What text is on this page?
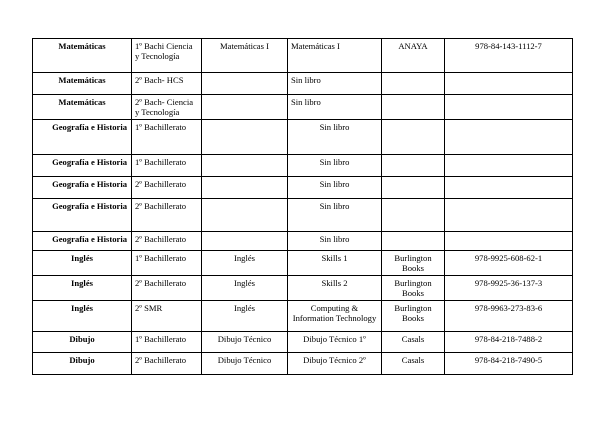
Matemáticas	1º Bachi Ciencia y Tecnología	Matemáticas I	Matemáticas I	ANAYA	978-84-143-1112-7
Matemáticas	2º Bach- HCS		Sin libro		
Matemáticas	2º Bach- Ciencia y Tecnología		Sin libro		
Geografía e Historia	1º Bachillerato		Sin libro		
Geografía e Historia	1º Bachillerato		Sin libro		
Geografía e Historia	2º Bachillerato		Sin libro		
Geografía e Historia	2º Bachillerato		Sin libro		
Geografía e Historia	2º Bachillerato		Sin libro		
Inglés	1º Bachillerato	Inglés	Skills 1	Burlington Books	978-9925-608-62-1
Inglés	2º Bachillerato	Inglés	Skills 2	Burlington Books	978-9925-36-137-3
Inglés	2º SMR	Inglés	Computing & Information Technology	Burlington Books	978-9963-273-83-6
Dibujo	1º Bachillerato	Dibujo Técnico	Dibujo Técnico 1º	Casals	978-84-218-7488-2
Dibujo	2º Bachillerato	Dibujo Técnico	Dibujo Técnico 2º	Casals	978-84-218-7490-5
